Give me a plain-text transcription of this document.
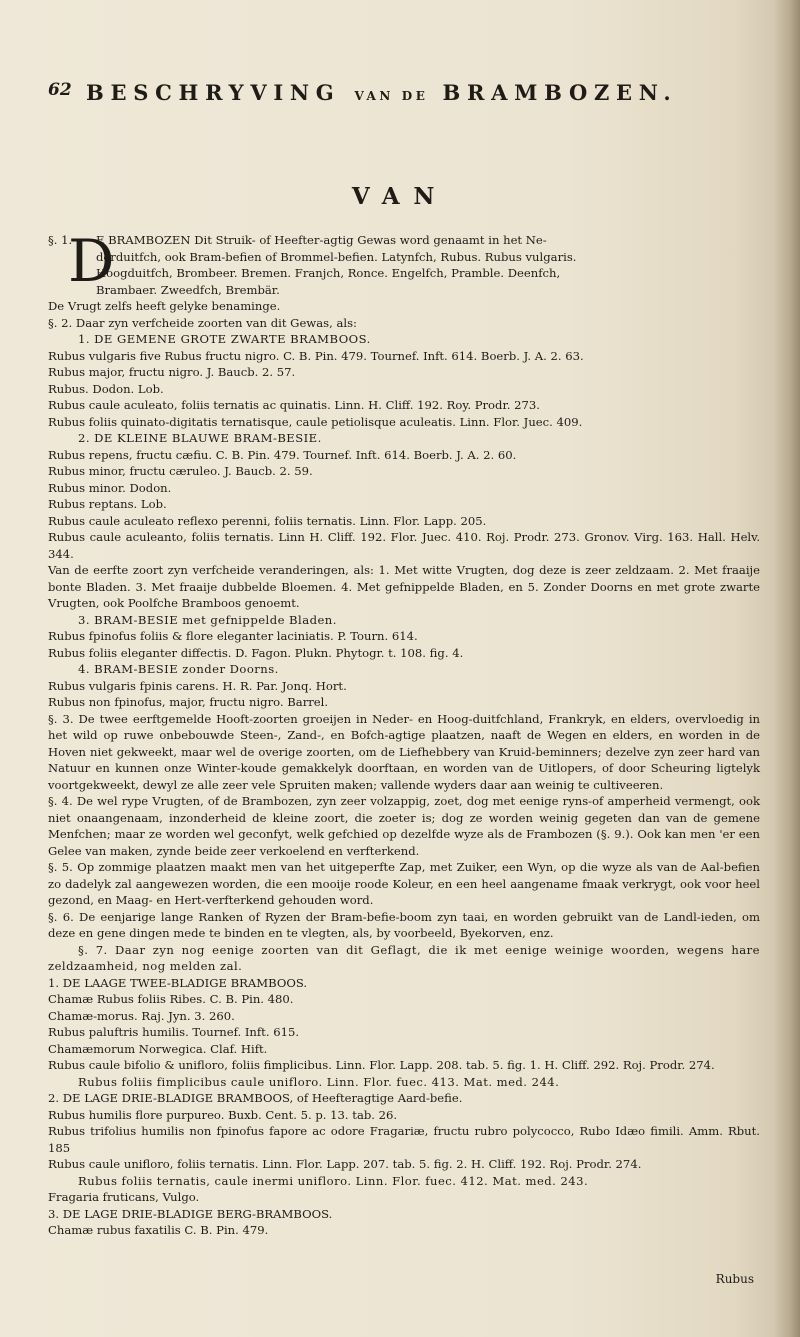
62 BESCHRYVING VAN DE BRAMBOZEN.
VAN
§. 1.
D

E BRAMBOZEN Dit Struik- of Heefter-agtig Gewas word genaamt in het Ne-

derduitfch, ook Bram-befien of Brommel-befien. Latynfch, Rubus. Rubus vulgaris.

Hoogduitfch, Brombeer. Bremen. Franjch, Ronce. Engelfch, Pramble. Deenfch,

Brambaer. Zweedfch, Brembär.

De Vrugt zelfs heeft gelyke benaminge.

§. 2. Daar zyn verfcheide zoorten van dit Gewas, als:

1. DE GEMENE GROTE ZWARTE BRAMBOOS.

Rubus vulgaris five Rubus fructu nigro. C. B. Pin. 479. Tournef. Inft. 614. Boerb. J. A. 2. 63.

Rubus major, fructu nigro. J. Baucb. 2. 57.

Rubus. Dodon. Lob.

Rubus caule aculeato, foliis ternatis ac quinatis. Linn. H. Cliff. 192. Roy. Prodr. 273.

Rubus foliis quinato-digitatis ternatisque, caule petiolisque aculeatis. Linn. Flor. Juec. 409.

2. DE KLEINE BLAUWE BRAM-BESIE.

Rubus repens, fructu cæfiu. C. B. Pin. 479. Tournef. Inft. 614. Boerb. J. A. 2. 60.

Rubus minor, fructu cæruleo. J. Baucb. 2. 59.

Rubus minor. Dodon.

Rubus reptans. Lob.

Rubus caule aculeato reflexo perenni, foliis ternatis. Linn. Flor. Lapp. 205.

Rubus caule aculeanto, foliis ternatis. Linn H. Cliff. 192. Flor. Juec. 410. Roj. Prodr. 273. Gronov. Virg. 163. Hall. Helv. 344.

Van de eerfte zoort zyn verfcheide veranderingen, als: 1. Met witte Vrugten, dog deze is zeer zeldzaam. 2. Met fraaije bonte Bladen. 3. Met fraaije dubbelde Bloemen. 4. Met gefnippelde Bladen, en 5. Zonder Doorns en met grote zwarte Vrugten, ook Poolfche Bramboos genoemt.

3. BRAM-BESIE met gefnippelde Bladen.

Rubus fpinofus foliis & flore eleganter laciniatis. P. Tourn. 614.

Rubus foliis eleganter diffectis. D. Fagon. Plukn. Phytogr. t. 108. fig. 4.

4. BRAM-BESIE zonder Doorns.

Rubus vulgaris fpinis carens. H. R. Par. Jonq. Hort.

Rubus non fpinofus, major, fructu nigro. Barrel.

§. 3. De twee eerftgemelde Hooft-zoorten groeijen in Neder- en Hoog-duitfchland, Frankryk, en elders, overvloedig in het wild op ruwe onbebouwde Steen-, Zand-, en Bofch-agtige plaatzen, naaft de Wegen en elders, en worden in de Hoven niet gekweekt, maar wel de overige zoorten, om de Liefhebbery van Kruid-beminners; dezelve zyn zeer hard van Natuur en kunnen onze Winter-koude gemakkelyk doorftaan, en worden van de Uitlopers, of door Scheuring ligtelyk voortgekweekt, dewyl ze alle zeer vele Spruiten maken; vallende wyders daar aan weinig te cultiveeren.

§. 4. De wel rype Vrugten, of de Brambozen, zyn zeer volzappig, zoet, dog met eenige ryns-of amperheid vermengt, ook niet onaangenaam, inzonderheid de kleine zoort, die zoeter is; dog ze worden weinig gegeten dan van de gemene Menfchen; maar ze worden wel geconfyt, welk gefchied op dezelfde wyze als de Frambozen (§. 9.). Ook kan men 'er een Gelee van maken, zynde beide zeer verkoelend en verfterkend.

§. 5. Op zommige plaatzen maakt men van het uitgeperfte Zap, met Zuiker, een Wyn, op die wyze als van de Aal-befien zo dadelyk zal aangewezen worden, die een mooije roode Koleur, en een heel aangename fmaak verkrygt, ook voor heel gezond, en Maag- en Hert-verfterkend gehouden word.

§. 6. De eenjarige lange Ranken of Ryzen der Bram-befie-boom zyn taai, en worden gebruikt van de Landl-ieden, om deze en gene dingen mede te binden en te vlegten, als, by voorbeeld, Byekorven, enz.

§. 7. Daar zyn nog eenige zoorten van dit Geflagt, die ik met eenige weinige woorden, wegens hare zeldzaamheid, nog melden zal.

1. DE LAAGE TWEE-BLADIGE BRAMBOOS.

Chamæ Rubus foliis Ribes. C. B. Pin. 480.

Chamæ-morus. Raj. Jyn. 3. 260.

Rubus paluftris humilis. Tournef. Inft. 615.

Chamæmorum Norwegica. Claf. Hift.

Rubus caule bifolio & unifloro, foliis fimplicibus. Linn. Flor. Lapp. 208. tab. 5. fig. 1. H. Cliff. 292. Roj. Prodr. 274.

Rubus foliis fimplicibus caule unifloro. Linn. Flor. fuec. 413. Mat. med. 244.

2. DE LAGE DRIE-BLADIGE BRAMBOOS, of Heefteragtige Aard-befie.

Rubus humilis flore purpureo. Buxb. Cent. 5. p. 13. tab. 26.

Rubus trifolius humilis non fpinofus fapore ac odore Fragariæ, fructu rubro polycocco, Rubo Idæo fimili. Amm. Rbut. 185

Rubus caule unifloro, foliis ternatis. Linn. Flor. Lapp. 207. tab. 5. fig. 2. H. Cliff. 192. Roj. Prodr. 274.

Rubus foliis ternatis, caule inermi unifloro. Linn. Flor. fuec. 412. Mat. med. 243.

Fragaria fruticans, Vulgo.

3. DE LAGE DRIE-BLADIGE BERG-BRAMBOOS.

Chamæ rubus faxatilis C. B. Pin. 479.

Rubus
